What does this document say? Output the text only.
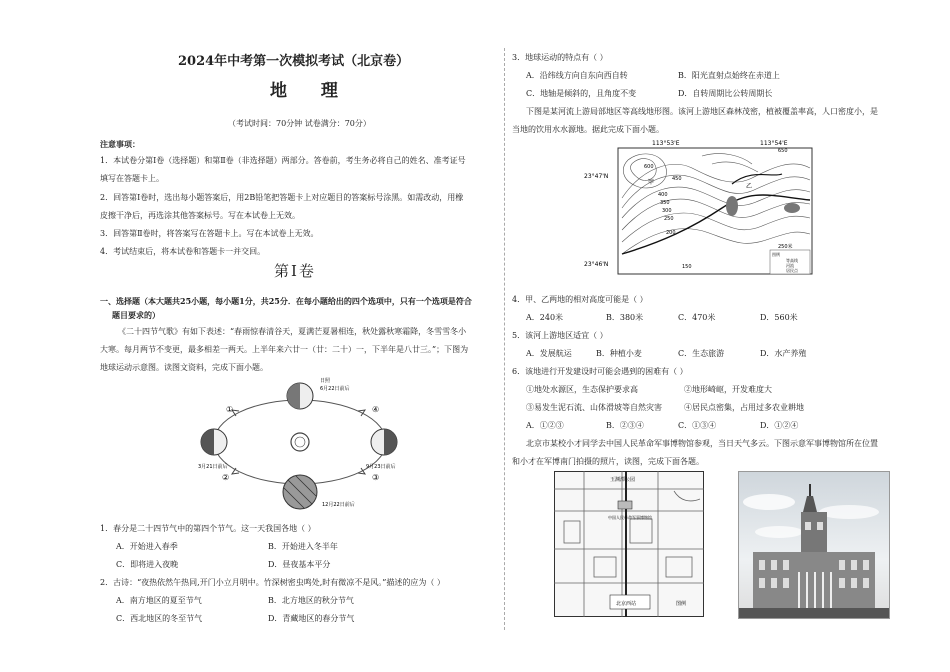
2024年中考第一次模拟考试（北京卷）
地 理
（考试时间：70分钟 试卷满分：70分）
注意事项：
1．本试卷分第Ⅰ卷（选择题）和第Ⅱ卷（非选择题）两部分。答卷前，考生务必将自己的姓名、准考证号
填写在答题卡上。
2．回答第Ⅰ卷时，选出每小题答案后，用2B铅笔把答题卡上对应题目的答案标号涂黑。如需改动，用橡
皮擦干净后，再选涂其他答案标号。写在本试卷上无效。
3．回答第Ⅱ卷时，将答案写在答题卡上。写在本试卷上无效。
4．考试结束后，将本试卷和答题卡一并交回。
第Ⅰ卷
一、选择题（本大题共25小题，每小题1分，共25分．在每小题给出的四个选项中，只有一个选项是符合
题目要求的）
《二十四节气歌》有如下表述：“春雨惊春清谷天，夏满芒夏暑相连，秋处露秋寒霜降，冬雪雪冬小
大寒。每月两节不变更，最多相差一两天。上半年来六廿一（廿：二十）一，下半年是八廿三。”；下图为
地球运动示意图。读图文资料，完成下面小题。
①	④
②	③
6月22日前后
3月21日前后	9月23日前后
12月22日前后
日照
1．春分是二十四节气中的第四个节气。这一天我国各地（ ）
A．开始进入春季	B．开始进入冬半年
C．即将进入夜晚	D．昼夜基本平分
2．古诗：“夜热依然午热同,开门小立月明中。竹深树密虫鸣处,时有微凉不是风。”描述的应为（ ）
A．南方地区的夏至节气	B．北方地区的秋分节气
C．西北地区的冬至节气	D．青藏地区的春分节气
3．地球运动的特点有（ ）
A．沿纬线方向自东向西自转	B．阳光直射点始终在赤道上
C．地轴是倾斜的，且角度不变	D．自转周期比公转周期长
下图是某河流上游局部地区等高线地形图。该河上游地区森林茂密，植被覆盖率高，人口密度小，是
当地的饮用水水源地。据此完成下面小题。
113°53'E	113°54'E
23°47'N
23°46'N
600
450
400
350
300
250
200
150
650
甲
乙
250米
图例
等高线
河流
居民点
4．甲、乙两地的相对高度可能是（ ）
A．240米	B．380米	C．470米	D．560米
5．该河上游地区适宜（ ）
A．发展航运	B．种植小麦	C．生态旅游	D．水产养殖
6．该地进行开发建设时可能会遇到的困难有（ ）
①地处水源区，生态保护要求高	②地形崎岖，开发难度大
③易发生泥石流、山体滑坡等自然灾害	④居民点密集，占用过多农业耕地
A．①②③	B．②③④	C．①③④	D．①②④
北京市某校小才同学去中国人民革命军事博物馆参观，当日天气多云。下图示意军事博物馆所在位置
和小才在军博南门拍摄的照片，读图，完成下面各题。
玉渊潭公园
中国人民革命军事博物馆
北京西站	图例
